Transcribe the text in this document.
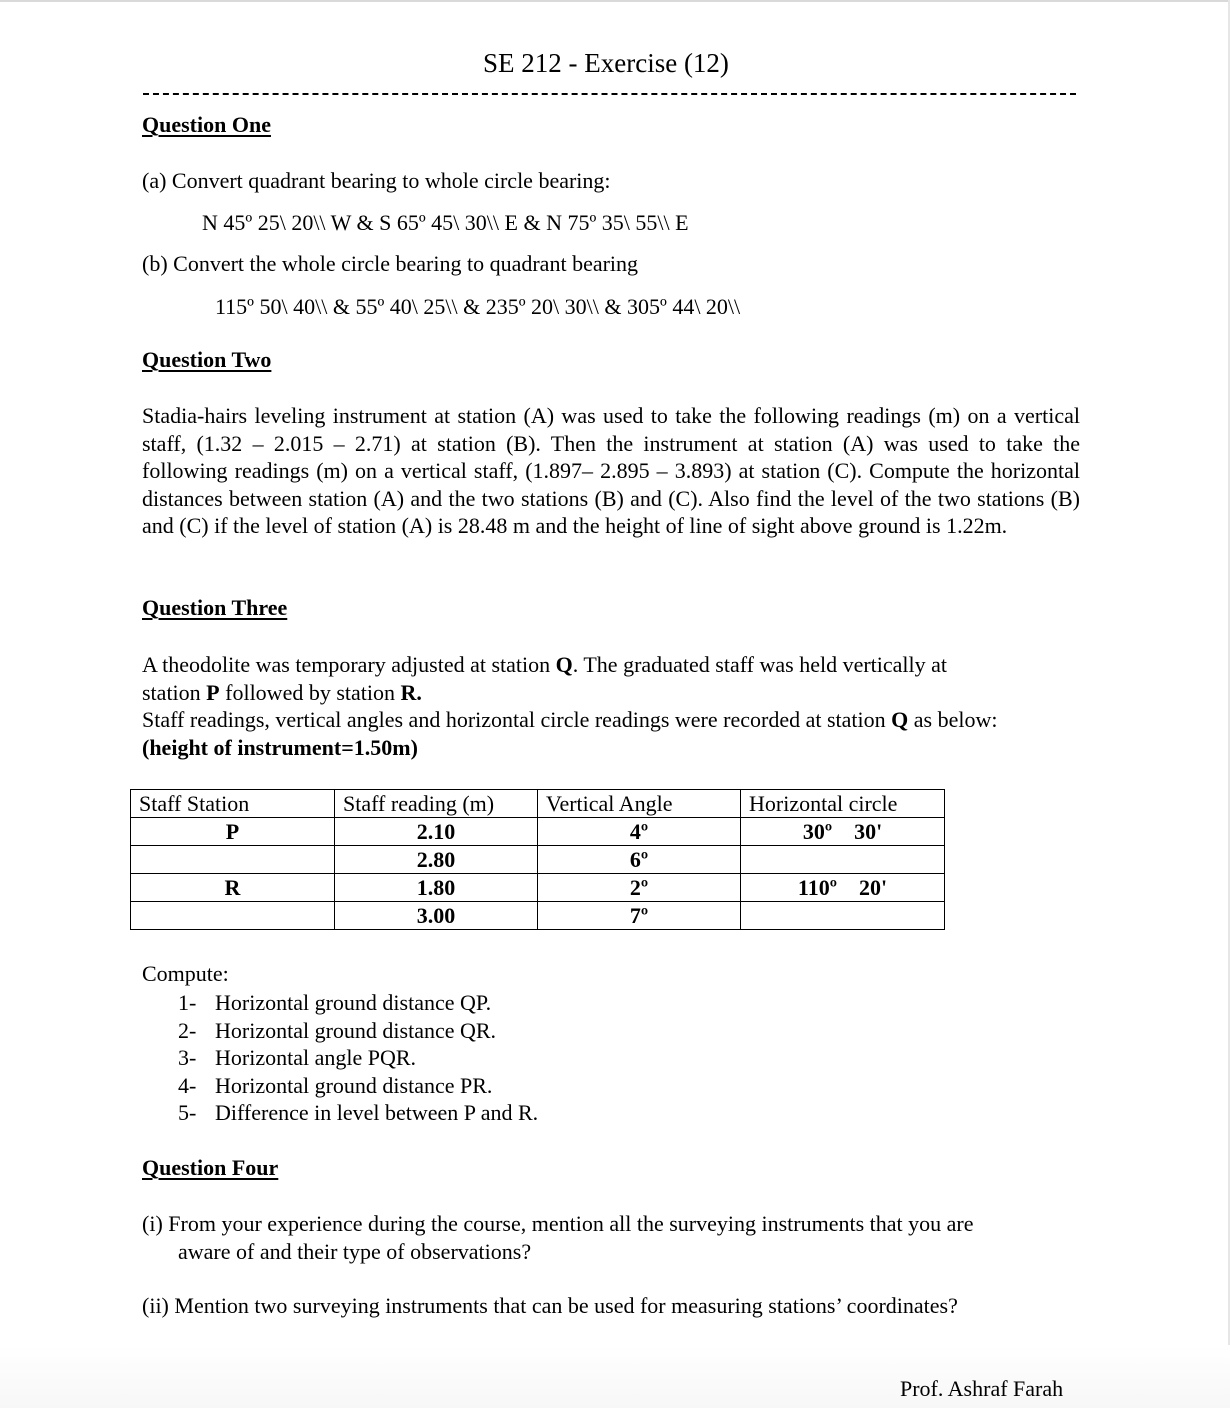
SE 212 - Exercise (12)
Question One
(a) Convert quadrant bearing to whole circle bearing:
N 45º 25\ 20\\ W & S 65º 45\ 30\\ E & N 75º 35\ 55\\ E
(b) Convert the whole circle bearing to quadrant bearing
115º 50\ 40\\ & 55º 40\ 25\\ & 235º 20\ 30\\ & 305º 44\ 20\\
Question Two
Stadia-hairs leveling instrument at station (A) was used to take the following readings (m) on a vertical staff, (1.32 – 2.015 – 2.71) at station (B). Then the instrument at station (A) was used to take the following readings (m) on a vertical staff, (1.897– 2.895 – 3.893) at station (C). Compute the horizontal distances between station (A) and the two stations (B) and (C). Also find the level of the two stations (B) and (C) if the level of station (A) is 28.48 m and the height of line of sight above ground is 1.22m.
Question Three
A theodolite was temporary adjusted at station Q. The graduated staff was held vertically at
station P followed by station R.
Staff readings, vertical angles and horizontal circle readings were recorded at station Q as below:
(height of instrument=1.50m)
Staff Station	Staff reading (m)	Vertical Angle	Horizontal circle
P	2.10	4º	30º    30'
	2.80	6º	
R	1.80	2º	110º    20'
	3.00	7º	
Compute:
1- Horizontal ground distance QP.
2- Horizontal ground distance QR.
3- Horizontal angle PQR.
4- Horizontal ground distance PR.
5- Difference in level between P and R.
Question Four
(i) From your experience during the course, mention all the surveying instruments that you are
aware of and their type of observations?
(ii) Mention two surveying instruments that can be used for measuring stations’ coordinates?
Prof. Ashraf Farah
